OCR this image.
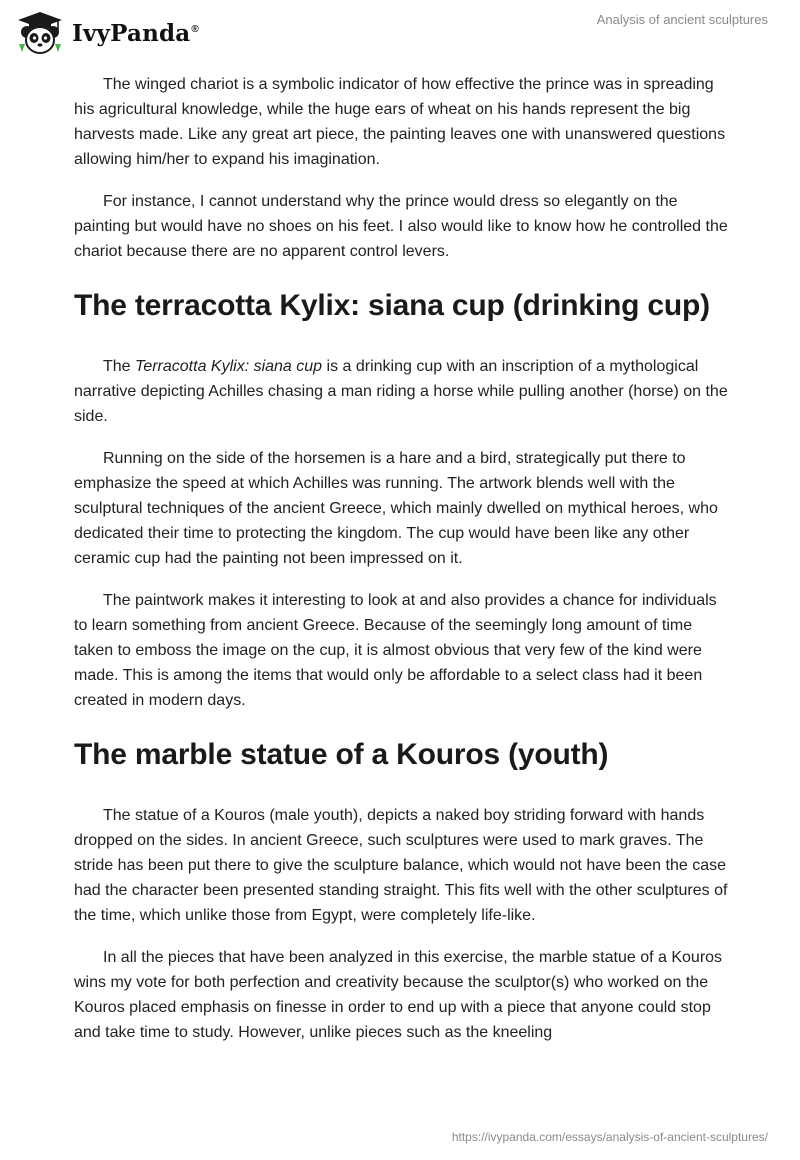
IvyPanda®
Analysis of ancient sculptures

The winged chariot is a symbolic indicator of how effective the prince was in spreading his agricultural knowledge, while the huge ears of wheat on his hands represent the big harvests made. Like any great art piece, the painting leaves one with unanswered questions allowing him/her to expand his imagination.

For instance, I cannot understand why the prince would dress so elegantly on the painting but would have no shoes on his feet. I also would like to know how he controlled the chariot because there are no apparent control levers.

The terracotta Kylix: siana cup (drinking cup)

The Terracotta Kylix: siana cup is a drinking cup with an inscription of a mythological narrative depicting Achilles chasing a man riding a horse while pulling another (horse) on the side.

Running on the side of the horsemen is a hare and a bird, strategically put there to emphasize the speed at which Achilles was running. The artwork blends well with the sculptural techniques of the ancient Greece, which mainly dwelled on mythical heroes, who dedicated their time to protecting the kingdom. The cup would have been like any other ceramic cup had the painting not been impressed on it.

The paintwork makes it interesting to look at and also provides a chance for individuals to learn something from ancient Greece. Because of the seemingly long amount of time taken to emboss the image on the cup, it is almost obvious that very few of the kind were made. This is among the items that would only be affordable to a select class had it been created in modern days.

The marble statue of a Kouros (youth)

The statue of a Kouros (male youth), depicts a naked boy striding forward with hands dropped on the sides. In ancient Greece, such sculptures were used to mark graves. The stride has been put there to give the sculpture balance, which would not have been the case had the character been presented standing straight. This fits well with the other sculptures of the time, which unlike those from Egypt, were completely life-like.

In all the pieces that have been analyzed in this exercise, the marble statue of a Kouros wins my vote for both perfection and creativity because the sculptor(s) who worked on the Kouros placed emphasis on finesse in order to end up with a piece that anyone could stop and take time to study. However, unlike pieces such as the kneeling

https://ivypanda.com/essays/analysis-of-ancient-sculptures/
